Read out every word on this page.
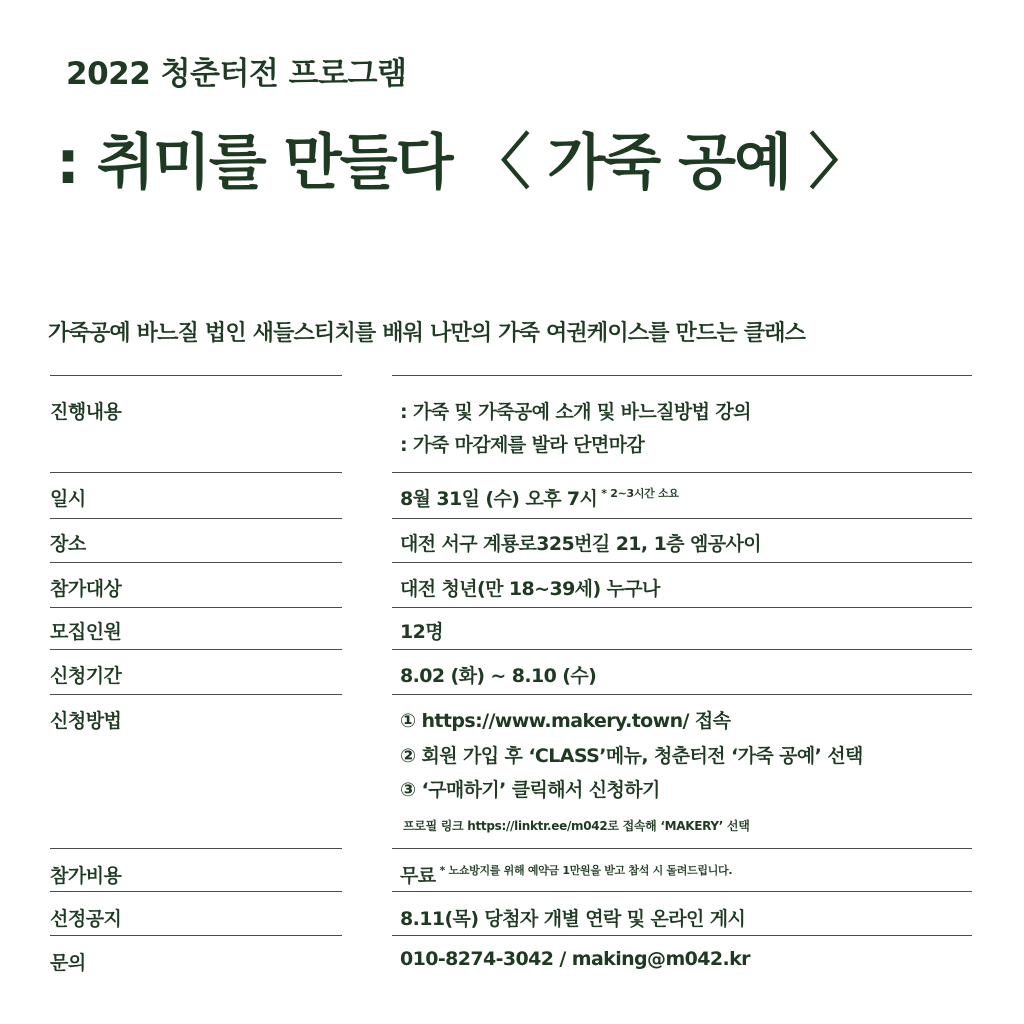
2022 청춘터전 프로그램
: 취미를 만들다 〈 가죽 공예 〉
가죽공예 바느질 법인 새들스티치를 배워 나만의 가죽 여권케이스를 만드는 클래스
진행내용	: 가죽 및 가죽공예 소개 및 바느질방법 강의
: 가죽 마감제를 발라 단면마감
일시	8월 31일 (수) 오후 7시 $^{* 2\sim 3시간 소요}$
장소	대전 서구 계룡로325번길 21, 1층 엠공사이
참가대상	대전 청년(만 18~39세) 누구나
모집인원	12명
신청기간	8.02 (화) ~ 8.10 (수)
신청방법	① https://www.makery.town/ 접속
② 회원 가입 후 ‘CLASS’메뉴, 청춘터전 ‘가죽 공예’ 선택
③ ‘구매하기’ 클릭해서 신청하기
프로필 링크 https://linktr.ee/m042로 접속해 ‘MAKERY’ 선택
참가비용	무료 $^{* 노쇼방지를 위해 예약금 1만원을 받고 참석 시 돌려드립니다.}$
선정공지	8.11(목) 당첨자 개별 연락 및 온라인 게시
문의	010-8274-3042 / making@m042.kr
